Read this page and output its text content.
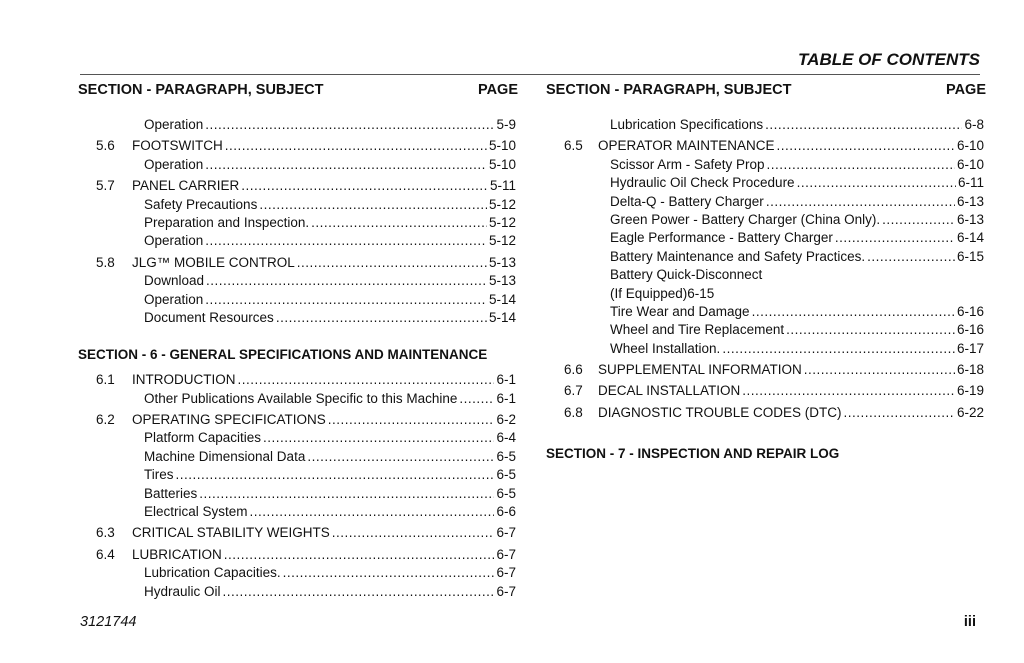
TABLE OF CONTENTS
SECTION - PARAGRAPH, SUBJECT	PAGE
Operation .....	5-9
5.6 FOOTSWITCH .....	5-10
Operation .....	5-10
5.7 PANEL CARRIER .....	5-11
Safety Precautions .....	5-12
Preparation and Inspection. .....	5-12
Operation .....	5-12
5.8 JLG™ MOBILE CONTROL .....	5-13
Download .....	5-13
Operation .....	5-14
Document Resources .....	5-14
SECTION - 6 - GENERAL SPECIFICATIONS AND MAINTENANCE
6.1 INTRODUCTION .....	6-1
Other Publications Available Specific to this Machine .....	6-1
6.2 OPERATING SPECIFICATIONS .....	6-2
Platform Capacities .....	6-4
Machine Dimensional Data .....	6-5
Tires .....	6-5
Batteries .....	6-5
Electrical System .....	6-6
6.3 CRITICAL STABILITY WEIGHTS .....	6-7
6.4 LUBRICATION .....	6-7
Lubrication Capacities. .....	6-7
Hydraulic Oil .....	6-7
SECTION - PARAGRAPH, SUBJECT	PAGE
Lubrication Specifications .....	6-8
6.5 OPERATOR MAINTENANCE .....	6-10
Scissor Arm - Safety Prop .....	6-10
Hydraulic Oil Check Procedure .....	6-11
Delta-Q - Battery Charger .....	6-13
Green Power - Battery Charger (China Only). .....	6-13
Eagle Performance - Battery Charger .....	6-14
Battery Maintenance and Safety Practices. .....	6-15
Battery Quick-Disconnect
(If Equipped)6-15
Tire Wear and Damage .....	6-16
Wheel and Tire Replacement .....	6-16
Wheel Installation. .....	6-17
6.6 SUPPLEMENTAL INFORMATION .....	6-18
6.7 DECAL INSTALLATION .....	6-19
6.8 DIAGNOSTIC TROUBLE CODES (DTC) .....	6-22
SECTION - 7 - INSPECTION AND REPAIR LOG
3121744	iii
